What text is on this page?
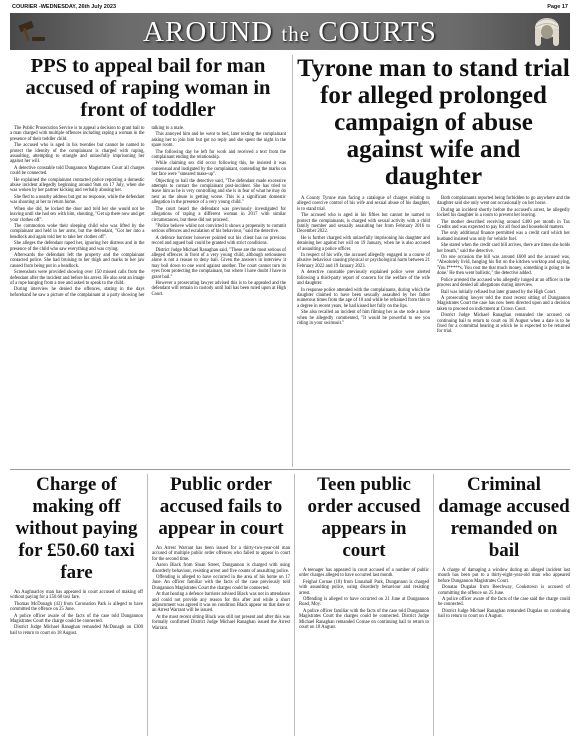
COURIER -WEDNESDAY, 26th July 2023	Page 17
AROUND the COURTS
PPS to appeal bail for man accused of raping woman in front of toddler

The Public Prosecution Service is to appeal a decision to grant bail to a man charged with multiple offences including raping a woman in the presence of their toddler child.

The accused who is aged in his twenties but cannot be named to protect the identity of the complainant is charged with raping, assaulting, attempting to strangle and unlawfully imprisoning her against her will.

A detective constable told Dungannon Magistrates Court all charges could be connected.

He explained the complainant contacted police reporting a domestic abuse incident allegedly beginning around 9am on 17 July, when she was woken by her partner kicking and verbally abusing her.

She fled to a nearby address but got no response, while the defendant was shouting at her to return home.

When she did, he locked the door and told her she would not be leaving until she had sex with him, shouting, "Get up there now and get your clothes off".

The commotion woke their sleeping child who was lifted by the complainant and held in her arms, but the defendant, "Got her into a headlock and again told her to take her clothes off".

She alleges the defendant raped her, ignoring her distress and in the presence of the child who saw everything and was crying.

Afterwards the defendant left the property and the complainant contacted police. She had bruising to her thigh and marks to her jaw caused from being put in a headlock.

Screenshots were provided showing over 150 missed calls from the defendant after the incident and before his arrest. He also sent an image of a rope hanging from a tree and asked to speak to the child.

During interview he denied the offences, stating in the days beforehand he saw a picture of the complainant at a party showing her talking to a male.

This annoyed him and he went to bed, later texting the complainant asking her to join him but got no reply and she spent the night in the spare room.

The following day he left for work and received a text from the complainant ending the relationship.

While claiming sex did occur following this, he insisted it was consensual and instigated by the complainant, contending the marks on her face were "smeared make-up".

Objecting to bail the detective said, "The defendant made excessive attempts to contact the complainant post-incident. She has tried to leave him as he is very controlling and she is in fear of what he may do next as the abuse is getting worse. This is a significant domestic allegation in the presence of a very young child."

The court heard the defendant was previously investigated for allegations of raping a different woman in 2017 with similar circumstances, but these did not proceed.

"Police believe whilst not convicted it shows a propensity to commit serious offences and escalation of his behaviour, "said the detective.

A defence barrister however pointed out his client has no previous record and argued bail could be granted with strict conditions.

District Judge Michael Ranaghan said, "These are the most serious of alleged offences in front of a very young child, although seriousness alone is not a reason to deny bail. Given the answers in interview it may boil down to one word against another. The court cannot turn its eyes from protecting the complainant, but where I have doubt I have to grant bail."

However a prosecuting lawyer advised this is to be appealed and the defendant will remain in custody until bail has been ruled upon at High Court.

Tyrone man to stand trial for alleged prolonged campaign of abuse against wife and daughter

A County Tyrone man facing a catalogue of charges relating to alleged coercive control of his wife and sexual abuse of his daughter, is to stand trial.

The accused who is aged in his fifties but cannot be named to protect the complainants, is charged with sexual activity with a child family member and sexually assaulting her from February 2016 to December 2022.

He is further charged with unlawfully imprisoning his daughter and detaining her against her will on 19 January, when he is also accused of assaulting a police officer.

In respect of his wife, the accused allegedly engaged in a course of abusive behaviour causing physical or psychological harm between 21 February 2022 and 19 January 2023.

A detective constable previously explained police were alerted following a third-party report of concern for the welfare of the wife and daughter.

In response police attended with the complainants, during which the daughter claimed to have been sexually assaulted by her father numerous times from the age of 10 and while he refrained from this to a degree in recent years, he had kissed her fully on the lips.

She also recalled an incident of him filming her as she rode a horse when he allegedly commented, "It would be powerful to see you riding in your swimsuit."

Both complainants reported being forbidden to go anywhere and the daughter said she only went out occasionally on her horse.

During an incident shortly before the accused's arrest, he allegedly locked his daughter in a room to prevent her leaving.

The mother described receiving around £400 per month in Tax Credits and was expected to pay for all food and household matters.

The only additional finance permitted was a credit card which her husband insisted was only for vehicle fuel.

She stated when the credit card bill arrives, there are times she holds her breath," said the detective.

On one occasion the bill was around £600 and the accused was, "Absolutely livid, banging his fist on the kitchen worktop and saying, 'You f*****s. You cost me that much money, something is going to be done.' He then went ballistic," the detective added.

Police arrested the accused who allegedly lunged at an officer in the process and denied all allegations during interview.

Bail was initially refused but later granted by the High Court.

A prosecuting lawyer told the most recent sitting of Dungannon Magistrates Court the case has now been directed upon and a decision taken to proceed on indictment at Crown Court.

District Judge Michael Ranaghan remanded the accused on continuing bail to return to court on 18 August when a date is to be fixed for a committal hearing at which he is expected to be returned for trial.

Charge of making off without paying for £50.60 taxi fare

An Aughnacloy man has appeared in court accused of making off without paying for a £50.60 taxi fare.

Thomas McDonagh (43) from Coronation Park is alleged to have committed the offence on 25 June.

A police officer aware of the facts of the case told Dungannon Magistrates Court the charge could be connected.

District Judge Michael Ranaghan remanded McDonagh on £300 bail to return to court on 18 August.

Public order accused fails to appear in court

An Arrest Warrant has been issued for a thirty-two-year-old man accused of multiple public order offences who failed to appear in court for the second time.

Aaron Black from Sloan Street, Dungannon is charged with using disorderly behaviour, resisting arrest and five counts of assaulting police.

Offending is alleged to have occurred in the area of his home on 17 June. An officer familiar with the facts of the case previously told Dungannon Magistrates Court the charges could be connected.

At that hearing a defence barrister advised Black was not in attendance and could not provide any reason for this after and while a short adjournment was agreed it was on condition Black appear on that date or an Arrest Warrant will be issued.

At the most recent sitting Black was still not present and after this was formally confirmed District Judge Michael Ranaghan issued the Arrest Warrant.

Teen public order accused appears in court

A teenager has appeared in court accused of a number of public order charges alleged to have occurred last month.

Feighal Cornae (18) from Linnahall Park, Dungannon is charged with assaulting police, using disorderly behaviour and resisting arrest.

Offending is alleged to have occurred on 21 June at Dungannon Road, Moy.

A police officer familiar with the facts of the case told Dungannon Magistrates Court the charges could be connected. District Judge Michael Ranaghan remanded Cornae on continuing bail to return to court on 18 August.

Criminal damage accused remanded on bail

A charge of damaging a window during an alleged incident last month has been put to a thirty-eight-year-old man who appeared before Dungannon Magistrates Court.

Donatas Dugalas from Beechway, Cookstown is accused of committing the offence on 25 June.

A police officer aware of the facts of the case said the charge could be connected.

District Judge Michael Ranaghan remanded Dugalas on continuing bail to return to court on 4 August.
